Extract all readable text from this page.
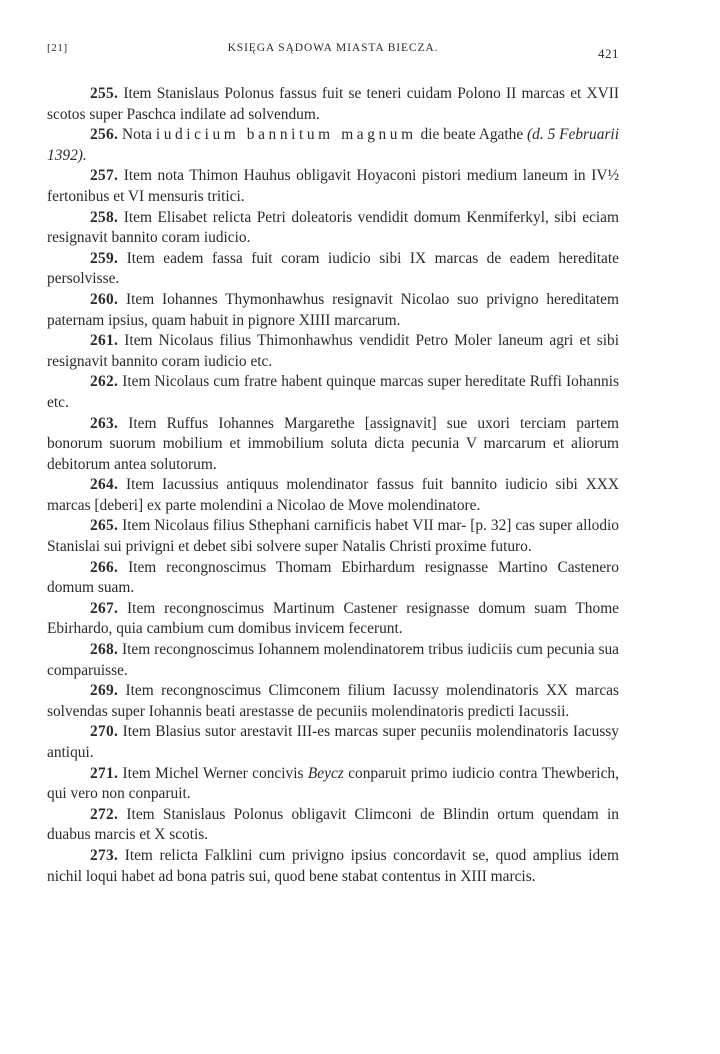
[21]	KSIĘGA SĄDOWA MIASTA BIECZA.	421

255. Item Stanislaus Polonus fassus fuit se teneri cuidam Polono II marcas et XVII scotos super Paschca indilate ad solvendum.

256. Nota iudicium bannitum magnum die beate Agathe (d. 5 Februarii 1392).

257. Item nota Thimon Hauhus obligavit Hoyaconi pistori medium laneum in IV½ fertonibus et VI mensuris tritici.

258. Item Elisabet relicta Petri doleatoris vendidit domum Kenmiferkyl, sibi eciam resignavit bannito coram iudicio.

259. Item eadem fassa fuit coram iudicio sibi IX marcas de eadem hereditate persolvisse.

260. Item Iohannes Thymonhawhus resignavit Nicolao suo privigno hereditatem paternam ipsius, quam habuit in pignore XIIII marcarum.

261. Item Nicolaus filius Thimonhawhus vendidit Petro Moler laneum agri et sibi resignavit bannito coram iudicio etc.

262. Item Nicolaus cum fratre habent quinque marcas super hereditate Ruffi Iohannis etc.

263. Item Ruffus Iohannes Margarethe [assignavit] sue uxori terciam partem bonorum suorum mobilium et immobilium soluta dicta pecunia V marcarum et aliorum debitorum antea solutorum.

264. Item Iacussius antiquus molendinator fassus fuit bannito iudicio sibi XXX marcas [deberi] ex parte molendini a Nicolao de Move molendinatore.

265. Item Nicolaus filius Sthephani carnificis habet VII mar- [p. 32] cas super allodio Stanislai sui privigni et debet sibi solvere super Natalis Christi proxime futuro.

266. Item recongnoscimus Thomam Ebirhardum resignasse Martino Castenero domum suam.

267. Item recongnoscimus Martinum Castener resignasse domum suam Thome Ebirhardo, quia cambium cum domibus invicem fecerunt.

268. Item recongnoscimus Iohannem molendinatorem tribus iudiciis cum pecunia sua comparuisse.

269. Item recongnoscimus Climconem filium Iacussy molendinatoris XX marcas solvendas super Iohannis beati arestasse de pecuniis molendinatoris predicti Iacussii.

270. Item Blasius sutor arestavit III-es marcas super pecuniis molendinatoris Iacussy antiqui.

271. Item Michel Werner concivis Beycz conparuit primo iudicio contra Thewberich, qui vero non conparuit.

272. Item Stanislaus Polonus obligavit Climconi de Blindin ortum quendam in duabus marcis et X scotis.

273. Item relicta Falklini cum privigno ipsius concordavit se, quod amplius idem nichil loqui habet ad bona patris sui, quod bene stabat contentus in XIII marcis.
